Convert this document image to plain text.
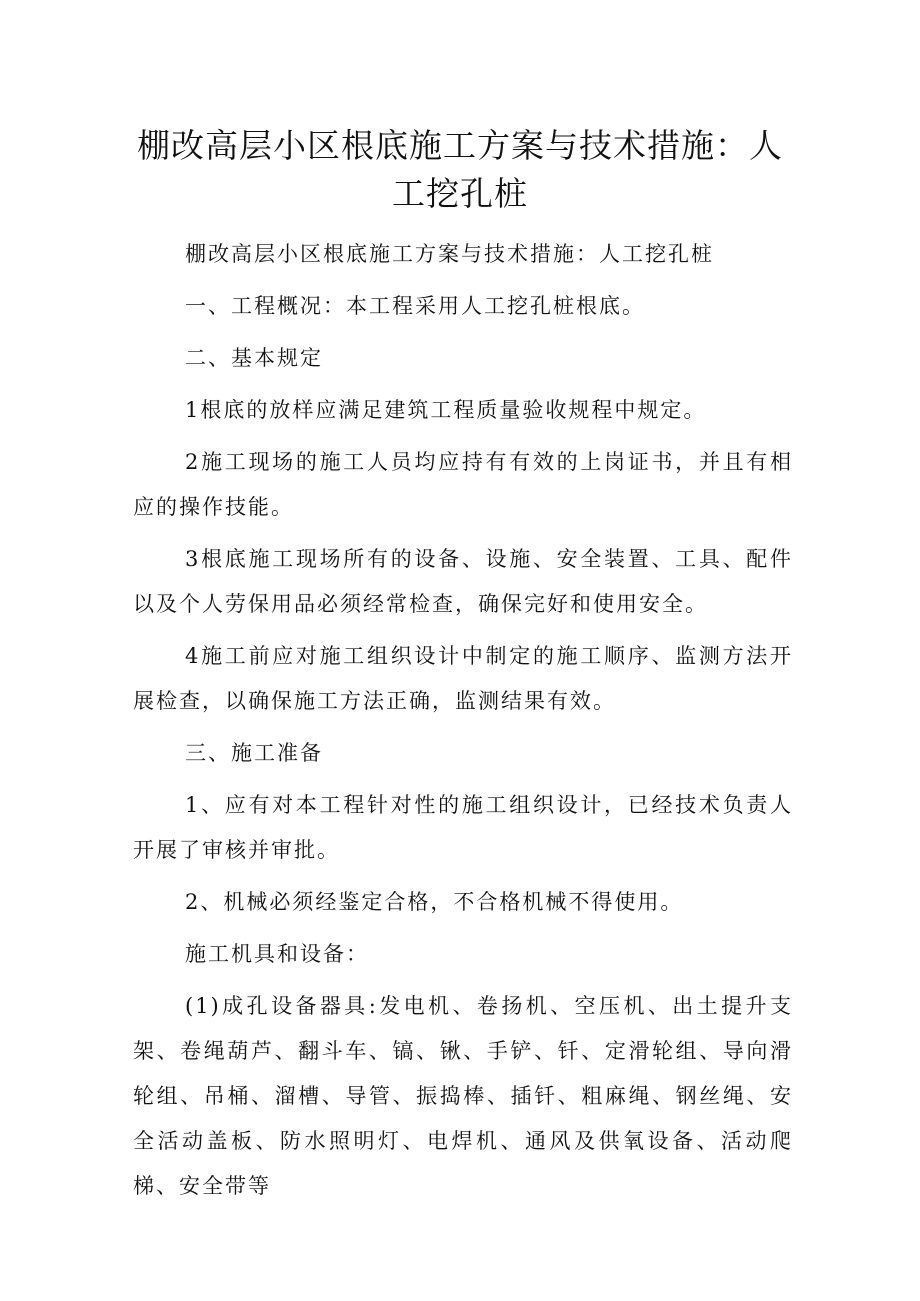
棚改高层小区根底施工方案与技术措施：人工挖孔桩

棚改高层小区根底施工方案与技术措施：人工挖孔桩

一、工程概况：本工程采用人工挖孔桩根底。

二、基本规定

1根底的放样应满足建筑工程质量验收规程中规定。

2施工现场的施工人员均应持有有效的上岗证书，并且有相应的操作技能。

3根底施工现场所有的设备、设施、安全装置、工具、配件以及个人劳保用品必须经常检查，确保完好和使用安全。

4施工前应对施工组织设计中制定的施工顺序、监测方法开展检查，以确保施工方法正确，监测结果有效。

三、施工准备

1、应有对本工程针对性的施工组织设计，已经技术负责人开展了审核并审批。

2、机械必须经鉴定合格，不合格机械不得使用。

施工机具和设备：

(1)成孔设备器具:发电机、卷扬机、空压机、出土提升支架、卷绳葫芦、翻斗车、镐、锹、手铲、钎、定滑轮组、导向滑轮组、吊桶、溜槽、导管、振捣棒、插钎、粗麻绳、钢丝绳、安全活动盖板、防水照明灯、电焊机、通风及供氧设备、活动爬梯、安全带等
